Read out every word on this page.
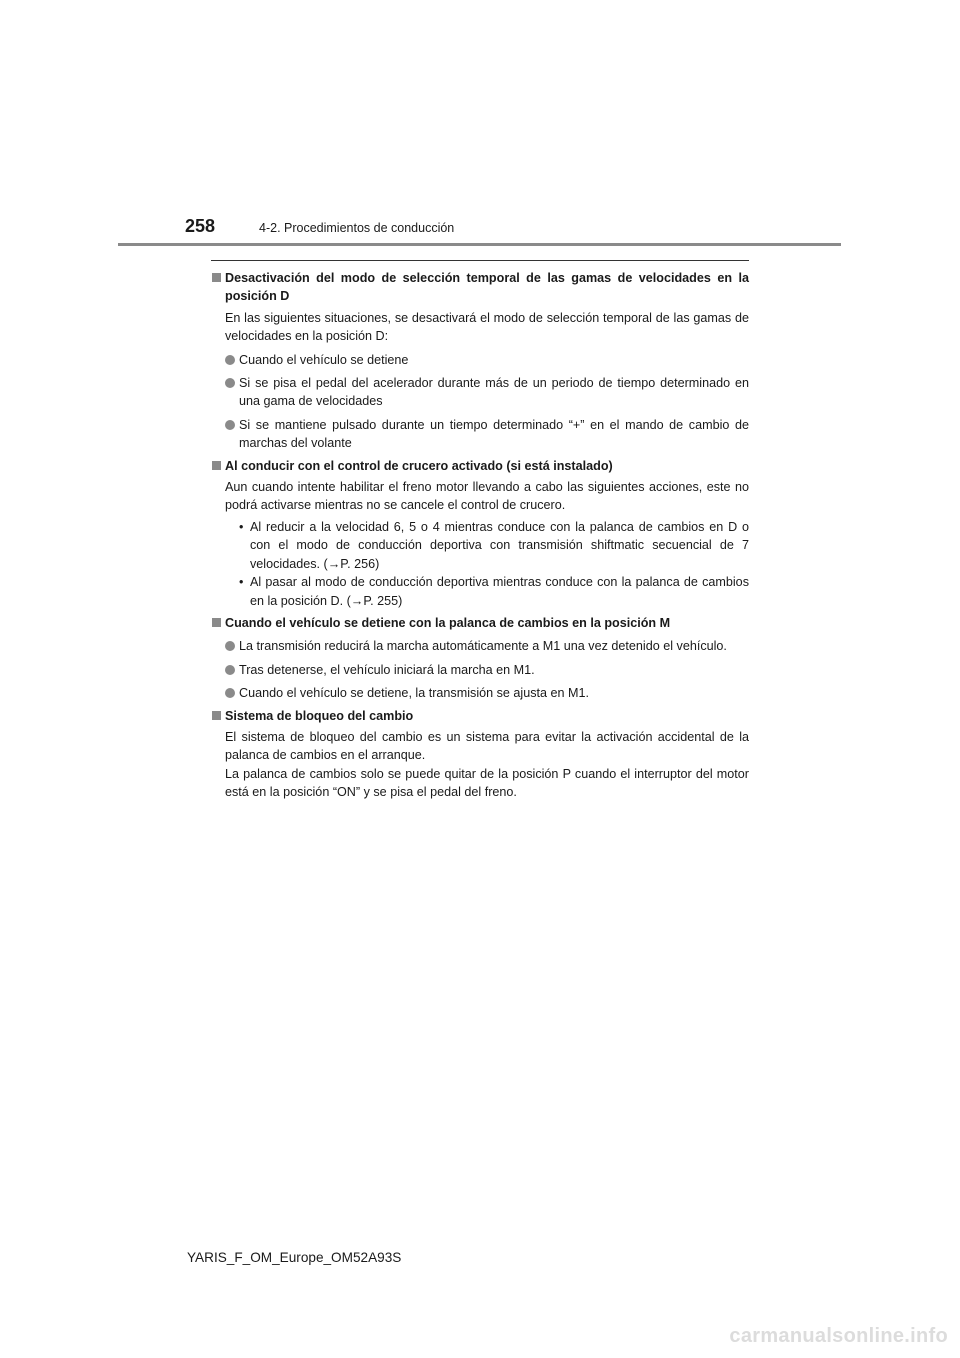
258	4-2. Procedimientos de conducción
Desactivación del modo de selección temporal de las gamas de velocidades en la posición D
En las siguientes situaciones, se desactivará el modo de selección temporal de las gamas de velocidades en la posición D:
Cuando el vehículo se detiene
Si se pisa el pedal del acelerador durante más de un periodo de tiempo determinado en una gama de velocidades
Si se mantiene pulsado durante un tiempo determinado “+” en el mando de cambio de marchas del volante
Al conducir con el control de crucero activado (si está instalado)
Aun cuando intente habilitar el freno motor llevando a cabo las siguientes acciones, este no podrá activarse mientras no se cancele el control de crucero.
• Al reducir a la velocidad 6, 5 o 4 mientras conduce con la palanca de cambios en D o con el modo de conducción deportiva con transmisión shiftmatic secuencial de 7 velocidades. (→P. 256)
• Al pasar al modo de conducción deportiva mientras conduce con la palanca de cambios en la posición D. (→P. 255)
Cuando el vehículo se detiene con la palanca de cambios en la posición M
La transmisión reducirá la marcha automáticamente a M1 una vez detenido el vehículo.
Tras detenerse, el vehículo iniciará la marcha en M1.
Cuando el vehículo se detiene, la transmisión se ajusta en M1.
Sistema de bloqueo del cambio
El sistema de bloqueo del cambio es un sistema para evitar la activación accidental de la palanca de cambios en el arranque.
La palanca de cambios solo se puede quitar de la posición P cuando el interruptor del motor está en la posición “ON” y se pisa el pedal del freno.
YARIS_F_OM_Europe_OM52A93S
carmanualsonline.info
